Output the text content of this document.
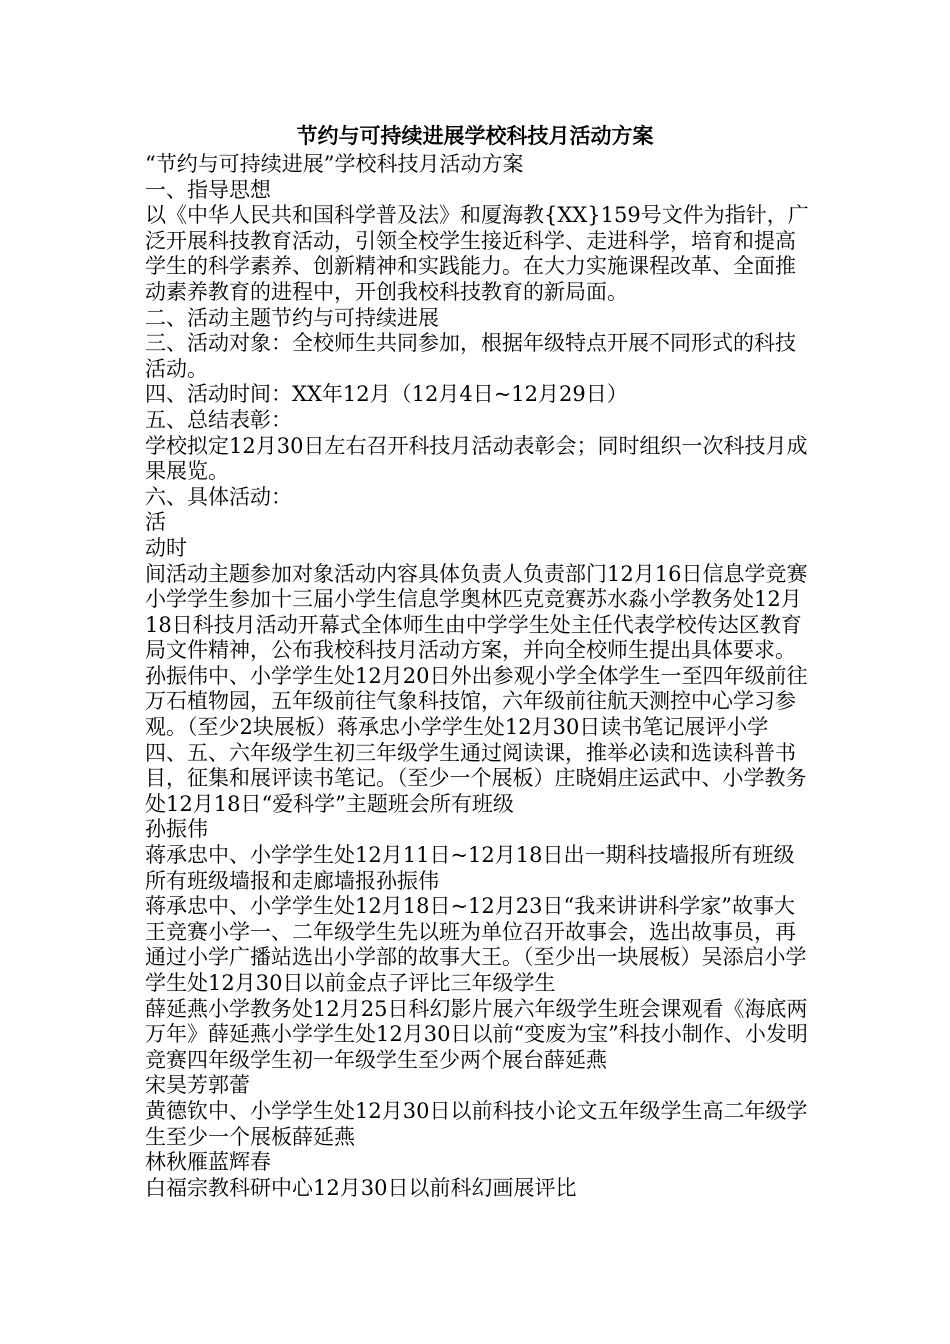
节约与可持续进展学校科技月活动方案

“节约与可持续进展”学校科技月活动方案

一、指导思想

以《中华人民共和国科学普及法》和厦海教{XX}159号文件为指针，广泛开展科技教育活动，引领全校学生接近科学、走进科学，培育和提高学生的科学素养、创新精神和实践能力。在大力实施课程改革、全面推动素养教育的进程中，开创我校科技教育的新局面。

二、活动主题节约与可持续进展

三、活动对象：全校师生共同参加，根据年级特点开展不同形式的科技活动。

四、活动时间：XX年12月（12月4日~12月29日）

五、总结表彰：

学校拟定12月30日左右召开科技月活动表彰会；同时组织一次科技月成果展览。

六、具体活动：

活

动时

间活动主题参加对象活动内容具体负责人负责部门12月16日信息学竞赛小学学生参加十三届小学生信息学奥林匹克竞赛苏水淼小学教务处12月18日科技月活动开幕式全体师生由中学学生处主任代表学校传达区教育局文件精神，公布我校科技月活动方案，并向全校师生提出具体要求。孙振伟中、小学学生处12月20日外出参观小学全体学生一至四年级前往万石植物园，五年级前往气象科技馆，六年级前往航天测控中心学习参观。（至少2块展板）蒋承忠小学学生处12月30日读书笔记展评小学四、五、六年级学生初三年级学生通过阅读课，推举必读和选读科普书目，征集和展评读书笔记。（至少一个展板）庄晓娟庄运武中、小学教务处12月18日“爱科学”主题班会所有班级

孙振伟

蒋承忠中、小学学生处12月11日~12月18日出一期科技墙报所有班级所有班级墙报和走廊墙报孙振伟

蒋承忠中、小学学生处12月18日~12月23日“我来讲讲科学家”故事大王竞赛小学一、二年级学生先以班为单位召开故事会，选出故事员，再通过小学广播站选出小学部的故事大王。（至少出一块展板）吴添启小学学生处12月30日以前金点子评比三年级学生

薛延燕小学教务处12月25日科幻影片展六年级学生班会课观看《海底两万年》薛延燕小学学生处12月30日以前“变废为宝”科技小制作、小发明竞赛四年级学生初一年级学生至少两个展台薛延燕

宋昊芳郭蕾

黄德钦中、小学学生处12月30日以前科技小论文五年级学生高二年级学生至少一个展板薛延燕

林秋雁蓝辉春

白福宗教科研中心12月30日以前科幻画展评比
